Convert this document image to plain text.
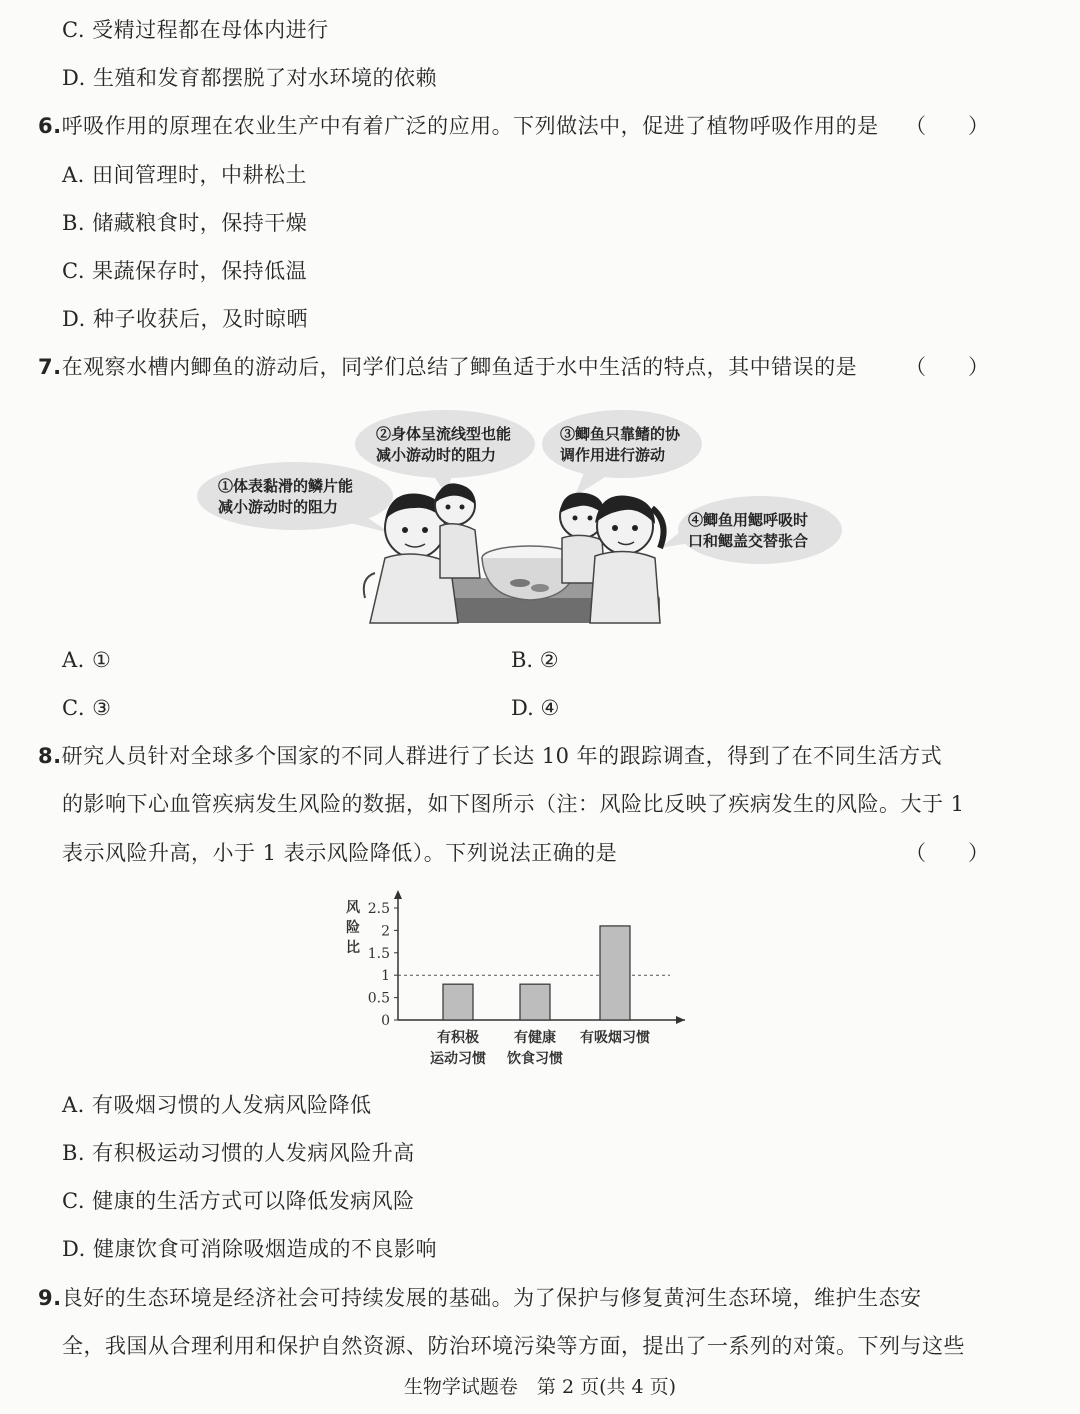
C. 受精过程都在母体内进行
D. 生殖和发育都摆脱了对水环境的依赖
6.呼吸作用的原理在农业生产中有着广泛的应用。下列做法中，促进了植物呼吸作用的是 （　　）
A. 田间管理时，中耕松土
B. 储藏粮食时，保持干燥
C. 果蔬保存时，保持低温
D. 种子收获后，及时晾晒
7.在观察水槽内鲫鱼的游动后，同学们总结了鲫鱼适于水中生活的特点，其中错误的是 （　　）
①体表黏滑的鳞片能
减小游动时的阻力
②身体呈流线型也能
减小游动时的阻力
③鲫鱼只靠鳍的协
调作用进行游动
④鲫鱼用鳃呼吸时
口和鳃盖交替张合
A. ①	B. ②
C. ③	D. ④
8.研究人员针对全球多个国家的不同人群进行了长达 10 年的跟踪调查，得到了在不同生活方式
的影响下心血管疾病发生风险的数据，如下图所示（注：风险比反映了疾病发生的风险。大于 1
表示风险升高，小于 1 表示风险降低）。下列说法正确的是	（　　）
风
险
比
0
0.5
1
1.5
2
2.5
有积极
运动习惯
有健康
饮食习惯
有吸烟习惯
A. 有吸烟习惯的人发病风险降低
B. 有积极运动习惯的人发病风险升高
C. 健康的生活方式可以降低发病风险
D. 健康饮食可消除吸烟造成的不良影响
9.良好的生态环境是经济社会可持续发展的基础。为了保护与修复黄河生态环境，维护生态安
全，我国从合理利用和保护自然资源、防治环境污染等方面，提出了一系列的对策。下列与这些
生物学试题卷　第 2 页(共 4 页)
